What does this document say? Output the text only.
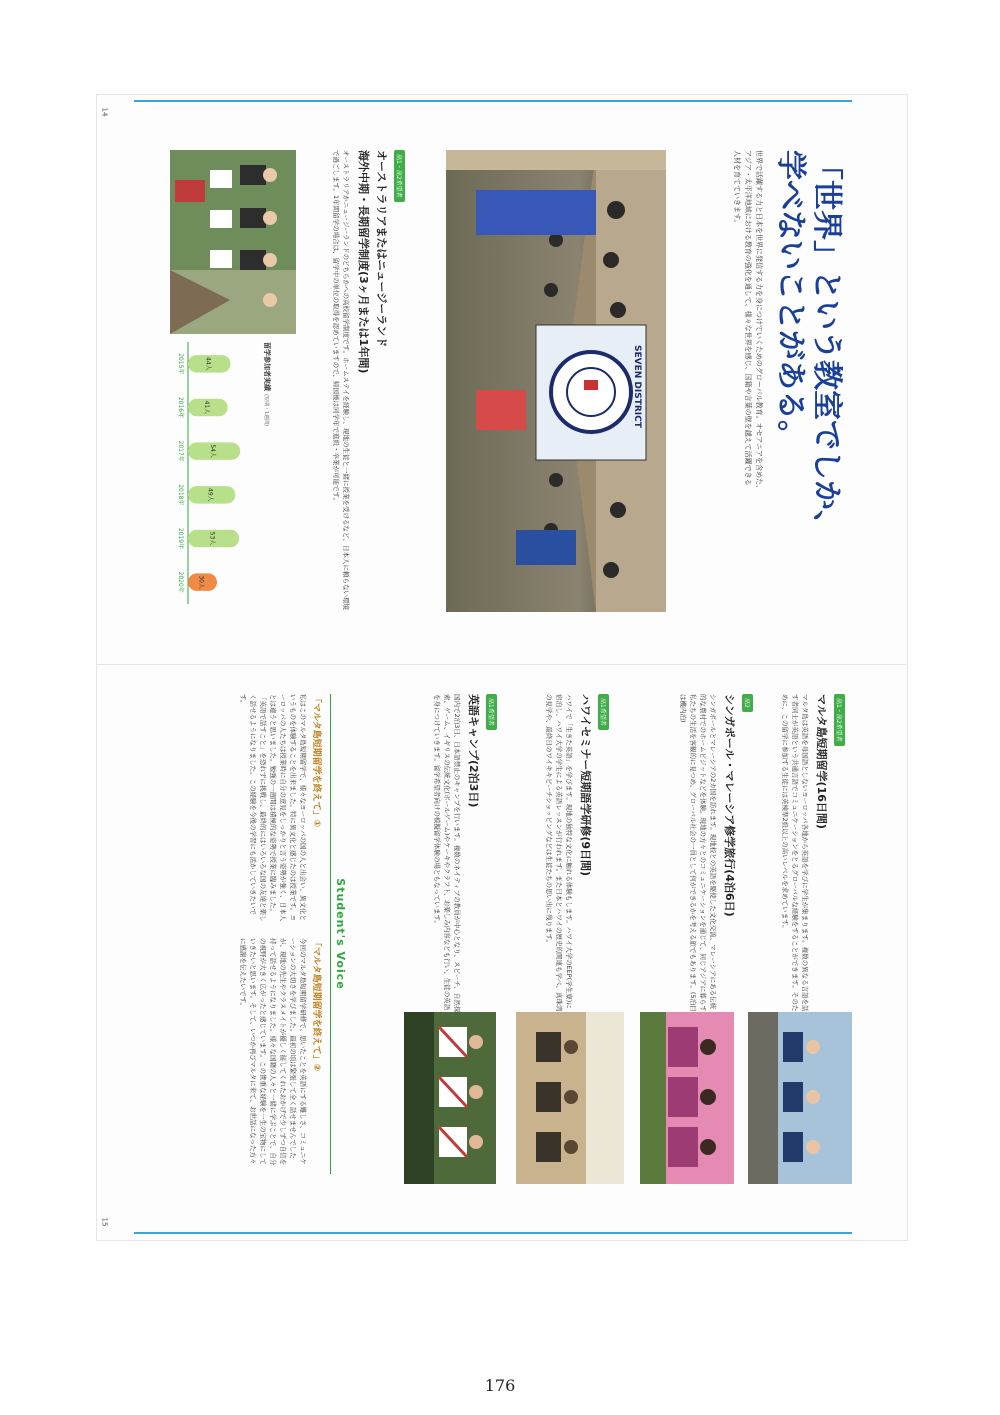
14
15
「世界」という教室でしか、
学べないことがある。
世界で活躍する力と日本を世界に発信する力を身につけていくためのグローバル教育。オセアニアを含めた、
アジア・太平洋地域における教育の強化を通して、様々な世界を感じ、国籍や言葉の壁を越えて活躍できる
人材を育てていきます。
SEVEN DISTRICT
高1・高2希望者
オーストラリアまたはニュージーランド
海外中期・長期留学制度(3ヶ月または1年間)
オーストラリアかニュージーランドのどちらかへの高校留学制度です。ホームステイを経験し、現地の生徒と一緒に授業を受けるなど、日本人に頼らない環境で過ごします。1年間留学の場合は、留学中の単位の取得を認めていますので、帰国後は同学年で進級・卒業が可能です。
留学参加者実績
(短期・1週間)
44人
2015年
41人
2016年
54人
2017年
49人
2018年
53人
2019年
30人
2020年
高1・高2希望者
マルタ島短期留学(16日間)
マルタ島は英語を母国語としないヨーロッパ各地から英語を学びに学生が集まります。複数の異なる言語を話す者同士が英語という共通言語でコミュニケーションをとるグローバルな経験をすることができます。そのために、この留学に参加する生徒には英検準2級以上の高いレベルを求めています。
高2
シンガポール・マレーシア修学旅行(4泊6日)
シンガポールとマレーシアの2カ国を訪れます。現地校との英語を駆使した文化交流、マレーシアにある伝統的な農村でのホームビジットなどを体験。現地の方々とのコミュニケーションを通じて、同じアジアに暮らす私たちの生活を客観的に見つめ、グローバル社会の一員として何ができるかを考える旅でもあります。(5泊目は機内泊)
高1希望者
ハワイセミナー短期語学研修(9日間)
ハワイで「生きた英語」を学びます。現地の独特な文化に触れる体験もします。ハワイ大学のEEP(学生寮)に宿泊し、ハワイ大学の学生による英語レッスンが行われます。また日本とハワイの歴史的関連も学べ、真珠湾の見学や、最終日のワイキキビーチショッピングなどは生徒たちの思い出に残ります。
高1希望者
英語キャンプ(2泊3日)
国内で2泊3日、日本語禁止のキャンプを行います。複数のネイティブの教員が中心となり、スピーチ、自然探索、ゲーム、イギリスの伝統文化(ボールゲーム)やケーキやクラフト、お楽しみ内容なども行い、生徒の英語を身につけていきます。留学希望者向けの模擬留学体験の場ともなっています。
Student's Voice
「マルタ島短期留学を終えて」①
私はこのマルタ島短期留学で、様々なヨーロッパの国の人と出会い、異文化というものを体験することを出来ました。特に異文化と感じたのは授業です。ヨーロッパの人たちは授業時に自分の意見をしっかりと言う姿勢が強く、日本人とは違うと思いました。勉強の一週間は積極的な姿勢で授業に臨みました。「英語で話すこと」を恐れずに挑戦し、最終的にはいろいろな国の友達と楽しく話せるようになりました。この経験を今後の学習にも活かしていきたいです。
「マルタ島短期留学を終えて」②
今回のマルタ島短期留学研修で、思いたことを英語にする難しさ、コミュニケーションの大切さを学びました。最初の頃は緊張して全く話せませんでしたが、現地の先生やクラスメイトが優しく接してくれたおかげで少しずつ自信を持って話せるようになりました。様々な国籍の人々と一緒に学ぶことで、自分の視野が大きく広がったと感じています。この貴重な経験を一生の宝物にしていきたいと思います。そして、いつか再びマルタに来て、お世話になった方々に感謝を伝えたいです。
176
